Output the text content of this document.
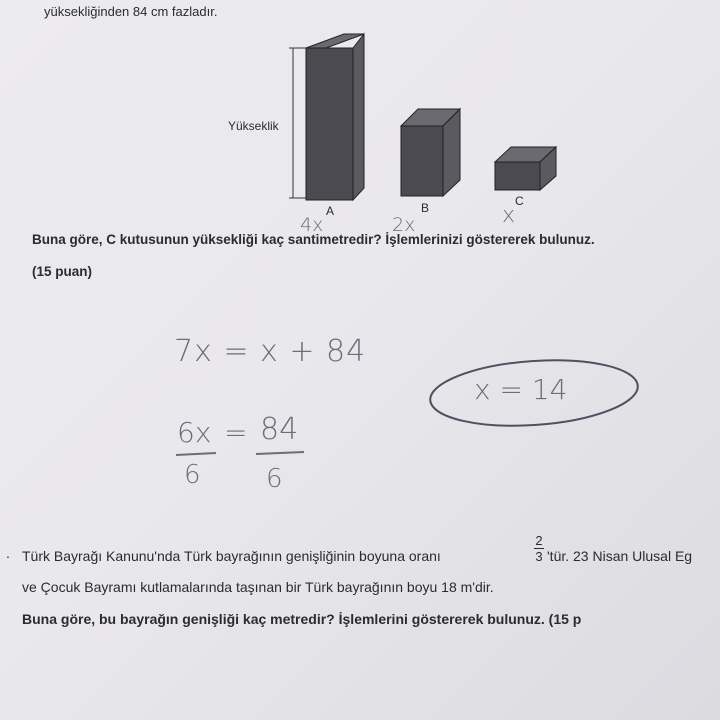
yüksekliğinden 84 cm fazladır.
Yükseklik
A	B	C
4x	2x	x
Buna göre, C kutusunun yüksekliği kaç santimetredir? İşlemlerinizi göstererek bulunuz.
(15 puan)
7x = x + 84
6x = 84
6	6
x = 14
. Türk Bayrağı Kanunu'nda Türk bayrağının genişliğinin boyuna oranı
2
3 'tür. 23 Nisan Ulusal Eg
ve Çocuk Bayramı kutlamalarında taşınan bir Türk bayrağının boyu 18 m'dir.
Buna göre, bu bayrağın genişliği kaç metredir? İşlemlerini göstererek bulunuz. (15 p
